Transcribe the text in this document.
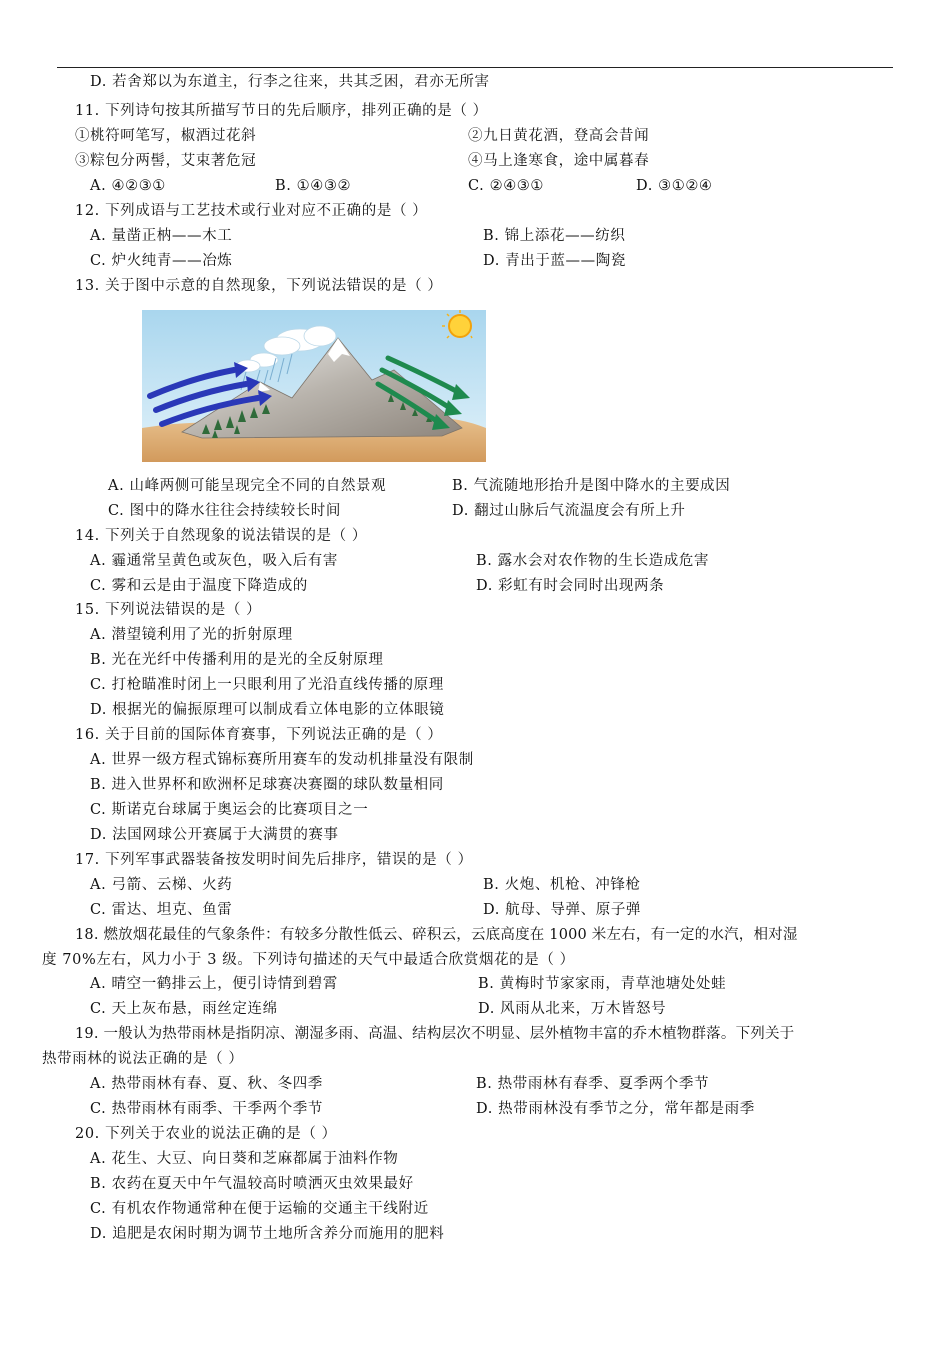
D. 若舍郑以为东道主，行李之往来，共其乏困，君亦无所害
11. 下列诗句按其所描写节日的先后顺序，排列正确的是（ ）
①桃符呵笔写，椒酒过花斜	②九日黄花酒，登高会昔闻
③粽包分两髻，艾束著危冠	④马上逢寒食，途中属暮春
A. ④②③①	B. ①④③②	C. ②④③①	D. ③①②④
12. 下列成语与工艺技术或行业对应不正确的是（ ）
A. 量凿正枘——木工	B. 锦上添花——纺织
C. 炉火纯青——冶炼	D. 青出于蓝——陶瓷
13. 关于图中示意的自然现象，下列说法错误的是（ ）
A. 山峰两侧可能呈现完全不同的自然景观	B. 气流随地形抬升是图中降水的主要成因
C. 图中的降水往往会持续较长时间	D. 翻过山脉后气流温度会有所上升
14. 下列关于自然现象的说法错误的是（ ）
A. 霾通常呈黄色或灰色，吸入后有害	B. 露水会对农作物的生长造成危害
C. 雾和云是由于温度下降造成的	D. 彩虹有时会同时出现两条
15. 下列说法错误的是（ ）
A. 潜望镜利用了光的折射原理
B. 光在光纤中传播利用的是光的全反射原理
C. 打枪瞄准时闭上一只眼利用了光沿直线传播的原理
D. 根据光的偏振原理可以制成看立体电影的立体眼镜
16. 关于目前的国际体育赛事，下列说法正确的是（ ）
A. 世界一级方程式锦标赛所用赛车的发动机排量没有限制
B. 进入世界杯和欧洲杯足球赛决赛圈的球队数量相同
C. 斯诺克台球属于奥运会的比赛项目之一
D. 法国网球公开赛属于大满贯的赛事
17. 下列军事武器装备按发明时间先后排序，错误的是（ ）
A. 弓箭、云梯、火药	B. 火炮、机枪、冲锋枪
C. 雷达、坦克、鱼雷	D. 航母、导弹、原子弹
18. 燃放烟花最佳的气象条件：有较多分散性低云、碎积云，云底高度在 1000 米左右，有一定的水汽，相对湿
度 70%左右，风力小于 3 级。下列诗句描述的天气中最适合欣赏烟花的是（ ）
A. 晴空一鹤排云上，便引诗情到碧霄	B. 黄梅时节家家雨，青草池塘处处蛙
C. 天上灰布悬，雨丝定连绵	D. 风雨从北来，万木皆怒号
19. 一般认为热带雨林是指阴凉、潮湿多雨、高温、结构层次不明显、层外植物丰富的乔木植物群落。下列关于
热带雨林的说法正确的是（ ）
A. 热带雨林有春、夏、秋、冬四季	B. 热带雨林有春季、夏季两个季节
C. 热带雨林有雨季、干季两个季节	D. 热带雨林没有季节之分，常年都是雨季
20. 下列关于农业的说法正确的是（ ）
A. 花生、大豆、向日葵和芝麻都属于油料作物
B. 农药在夏天中午气温较高时喷洒灭虫效果最好
C. 有机农作物通常种在便于运输的交通主干线附近
D. 追肥是农闲时期为调节土地所含养分而施用的肥料
